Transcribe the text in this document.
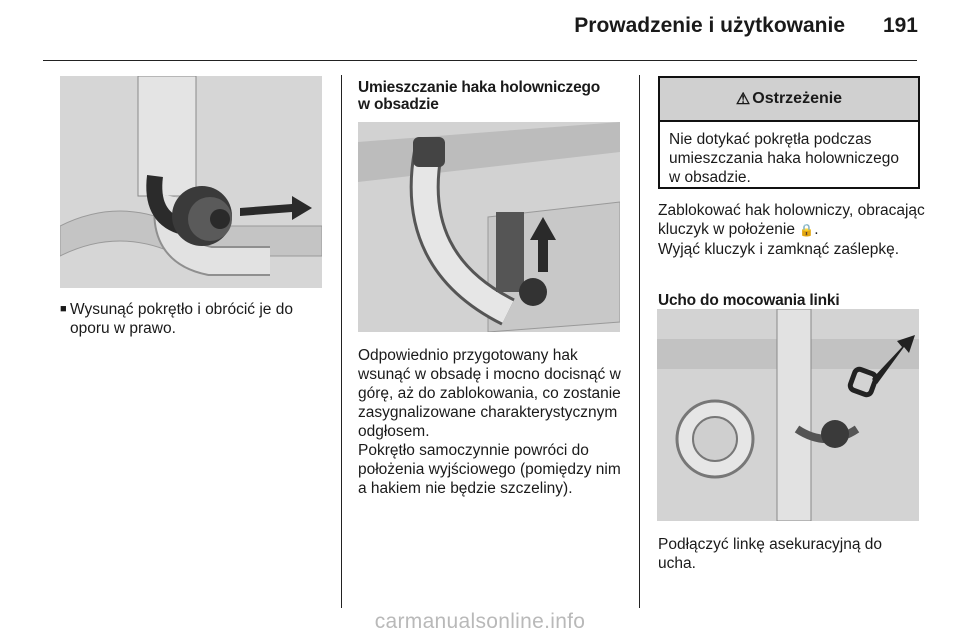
Prowadzenie i użytkowanie 191
■ Wysunąć pokrętło i obrócić je do oporu w prawo.
Umieszczanie haka holowniczego w obsadzie
Odpowiednio przygotowany hak wsunąć w obsadę i mocno docisnąć w górę, aż do zablokowania, co zostanie zasygnalizowane charakterystycznym odgłosem.
Pokrętło samoczynnie powróci do położenia wyjściowego (pomiędzy nim a hakiem nie będzie szczeliny).
⚠ Ostrzeżenie
Nie dotykać pokrętła podczas umieszczania haka holowniczego w obsadzie.
Zablokować hak holowniczy, obracając kluczyk w położenie 🔒.
Wyjąć kluczyk i zamknąć zaślepkę.
Ucho do mocowania linki
Podłączyć linkę asekuracyjną do ucha.
carmanualsonline.info
